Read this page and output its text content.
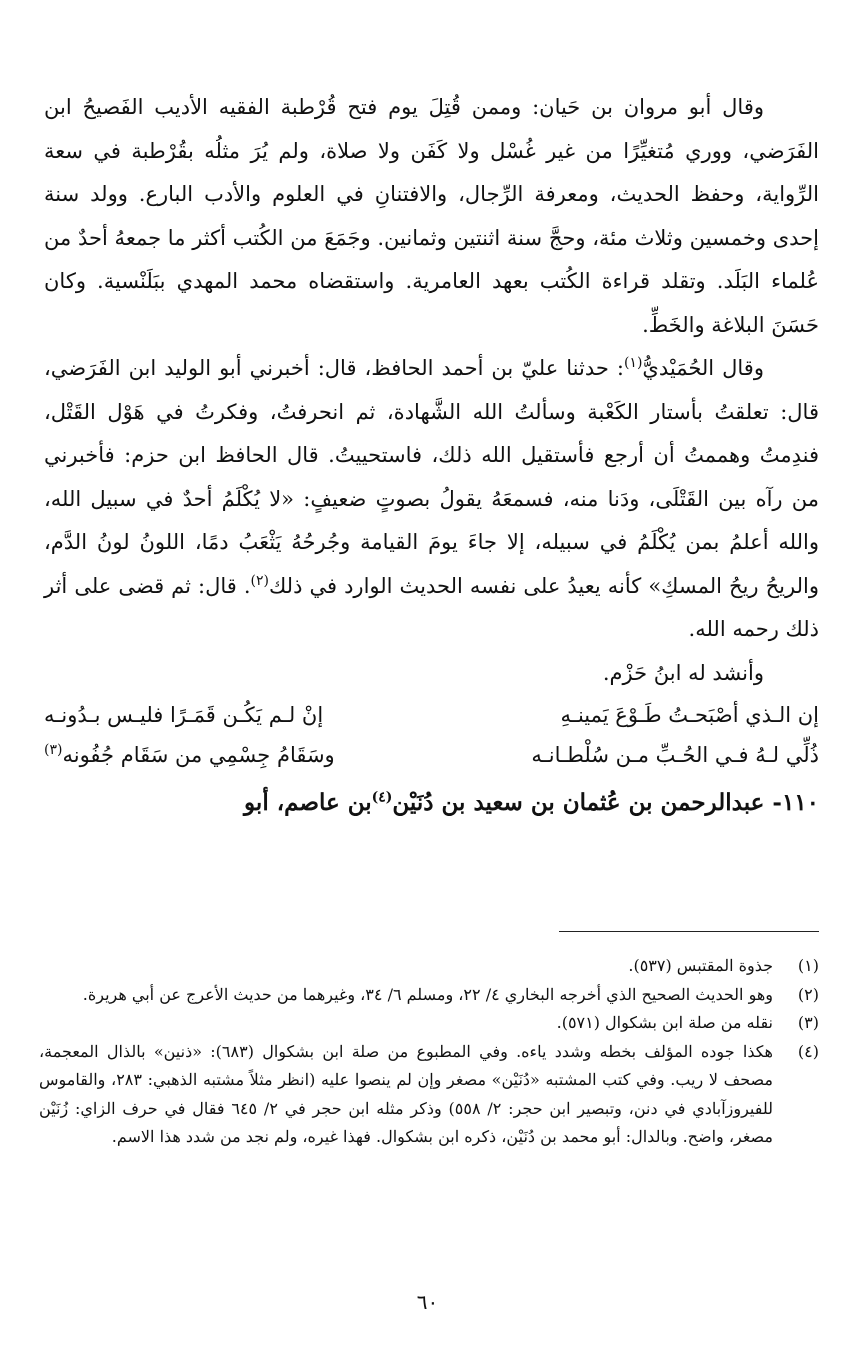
وقال أبو مروان بن حَيان: وممن قُتِلَ يوم فتح قُرْطبة الفقيه الأديب الفَصيحُ ابن الفَرَضي، ووري مُتغيِّرًا من غير غُسْل ولا كَفَن ولا صلاة، ولم يُرَ مثلُه بقُرْطبة في سعة الرِّواية، وحفظ الحديث، ومعرفة الرِّجال، والافتنانِ في العلوم والأدب البارع. وولد سنة إحدى وخمسين وثلاث مئة، وحجَّ سنة اثنتين وثمانين. وجَمَعَ من الكُتب أكثر ما جمعهُ أحدٌ من عُلماء البَلَد. وتقلد قراءة الكُتب بعهد العامرية. واستقضاه محمد المهدي ببَلَنْسية. وكان حَسَنَ البلاغة والخَطِّ.

وقال الحُمَيْديُّ$^{(١)}$: حدثنا عليّ بن أحمد الحافظ، قال: أخبرني أبو الوليد ابن الفَرَضي، قال: تعلقتُ بأستار الكَعْبة وسألتُ الله الشَّهادة، ثم انحرفتُ، وفكرتُ في هَوْل القَتْل، فندِمتُ وهممتُ أن أرجع فأستقيل الله ذلك، فاستحييتُ. قال الحافظ ابن حزم: فأخبرني من رآه بين القَتْلَى، ودَنا منه، فسمعَهُ يقولُ بصوتٍ ضعيفٍ: «لا يُكْلَمُ أحدٌ في سبيل الله، والله أعلمُ بمن يُكْلَمُ في سبيله، إلا جاءَ يومَ القيامة وجُرحُهُ يَثْعَبُ دمًا، اللونُ لونُ الدَّم، والريحُ ريحُ المسكِ» كأنه يعيدُ على نفسه الحديث الوارد في ذلك$^{(٢)}$. قال: ثم قضى على أثر ذلك رحمه الله.

وأنشد له ابنُ حَزْم.

إن الـذي أصْبَحـتُ طَـوْعَ يَمينـهِ
إنْ لـم يَكُـن قَمَـرًا فليـس بـدُونـه
ذُلِّي لـهُ فـي الحُـبِّ مـن سُلْطـانـه
وسَقَامُ جِسْمِي من سَقَام جُفُونه$^{(٣)}$
١١٠- عبدالرحمن بن عُثمان بن سعيد بن دُنَيْن$^{(٤)}$بن عاصم، أبو
(١)
جذوة المقتبس (٥٣٧).
(٢)
وهو الحديث الصحيح الذي أخرجه البخاري ٤/ ٢٢، ومسلم ٦/ ٣٤، وغيرهما من حديث الأعرج عن أبي هريرة.
(٣)
نقله من صلة ابن بشكوال (٥٧١).
(٤)
هكذا جوده المؤلف بخطه وشدد ياءه. وفي المطبوع من صلة ابن بشكوال (٦٨٣): «ذنين» بالذال المعجمة، مصحف لا ريب. وفي كتب المشتبه «دُنَيْن» مصغر وإن لم ينصوا عليه (انظر مثلاً مشتبه الذهبي: ٢٨٣، والقاموس للفيروزآبادي في دنن، وتبصير ابن حجر: ٢/ ٥٥٨) وذكر مثله ابن حجر في ٢/ ٦٤٥ فقال في حرف الزاي: زُنَيْن مصغر، واضح. وبالدال: أبو محمد بن دُنَيْن، ذكره ابن بشكوال. فهذا غيره، ولم نجد من شدد هذا الاسم.
٦٠
